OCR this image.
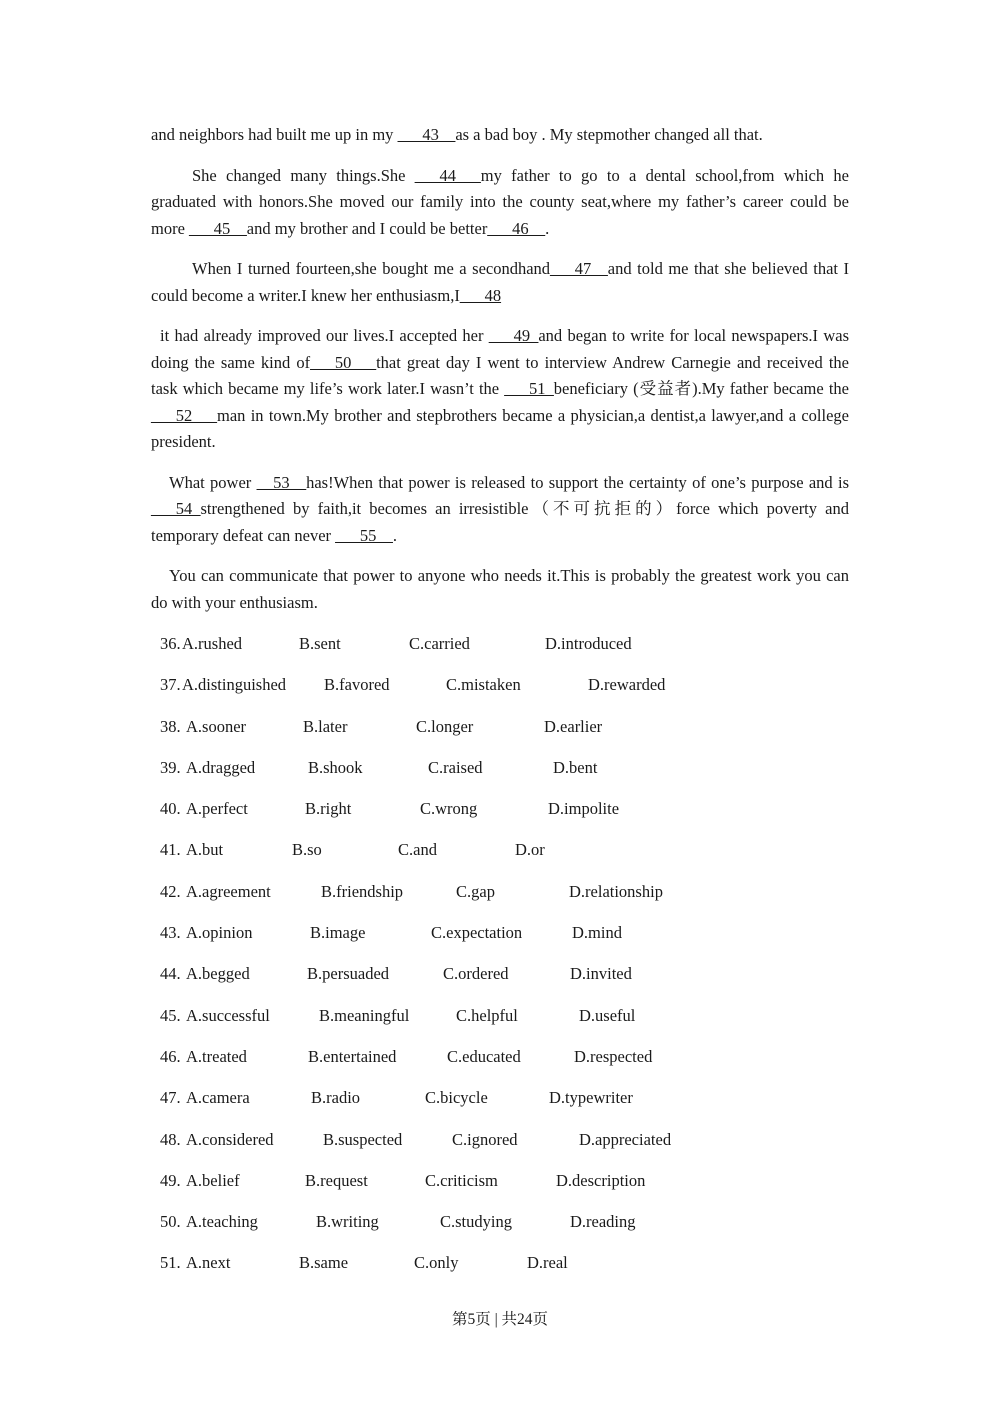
and neighbors had built me up in my ___43__as a bad boy . My stepmother changed all that.

She changed many things.She ___44___my father to go to a dental school,from which he graduated with honors.She moved our family into the county seat,where my father’s career could be more ___45__and my brother and I could be better___46__.

When I turned fourteen,she bought me a secondhand___47__and told me that she believed that I could become a writer.I knew her enthusiasm,I___48

it had already improved our lives.I accepted her ___49_and began to write for local newspapers.I was doing the same kind of___50___that great day I went to interview Andrew Carnegie and received the task which became my life’s work later.I wasn’t the ___51_beneficiary (受益者).My father became the ___52___man in town.My brother and stepbrothers became a physician,a dentist,a lawyer,and a college president.

What power __53__has!When that power is released to support the certainty of one’s purpose and is ___54_strengthened by faith,it becomes an irresistible（不可抗拒的）force which poverty and temporary defeat can never ___55__.

You can communicate that power to anyone who needs it.This is probably the greatest work you can do with your enthusiasm.

36. A.rushed	B.sent	C.carried	D.introduced
37. A.distinguished B.favored	C.mistaken	D.rewarded
38. A.sooner	B.later	C.longer	D.earlier
39. A.dragged	B.shook	C.raised	D.bent
40. A.perfect	B.right	C.wrong	D.impolite
41. A.but	B.so	C.and	D.or
42. A.agreement	B.friendship	C.gap	D.relationship
43. A.opinion	B.image	C.expectation	D.mind
44. A.begged	B.persuaded	C.ordered	D.invited
45. A.successful	B.meaningful	C.helpful	D.useful
46. A.treated	B.entertained	C.educated	D.respected
47. A.camera	B.radio	C.bicycle	D.typewriter
48. A.considered	B.suspected	C.ignored	D.appreciated
49. A.belief	B.request	C.criticism	D.description
50. A.teaching	B.writing	C.studying	D.reading
51. A.next	B.same	C.only	D.real
第5页 | 共24页
